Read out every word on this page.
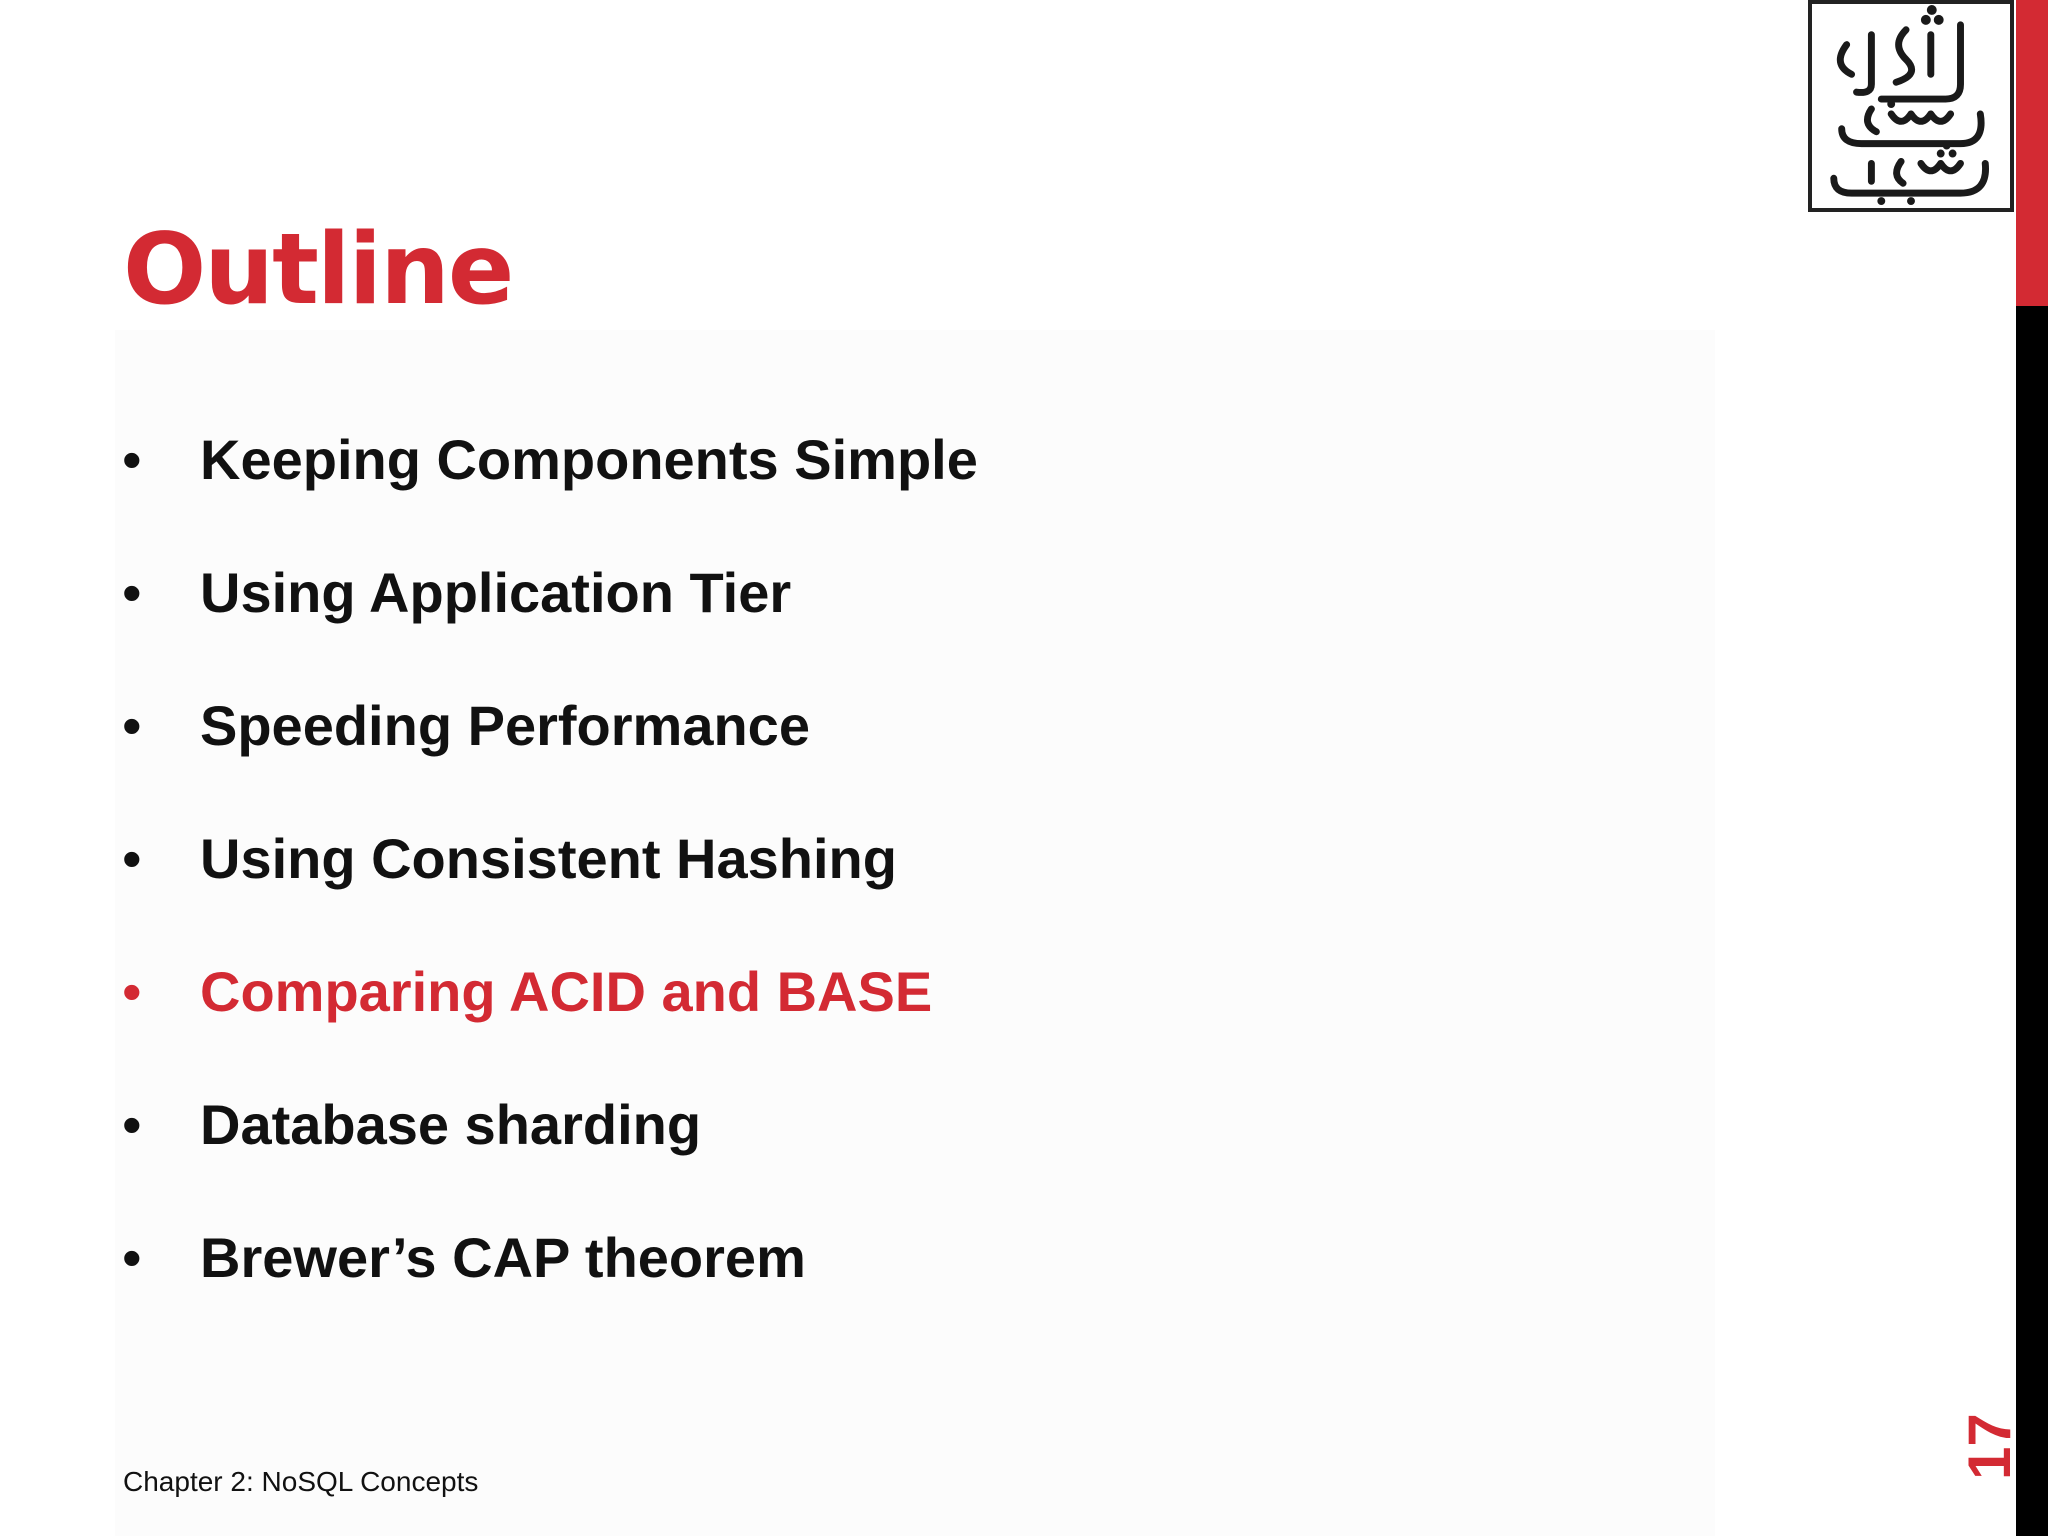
Outline
• Keeping Components Simple
• Using Application Tier
• Speeding Performance
• Using Consistent Hashing
• Comparing ACID and BASE
• Database sharding
• Brewer’s CAP theorem
Chapter 2: NoSQL Concepts
17
